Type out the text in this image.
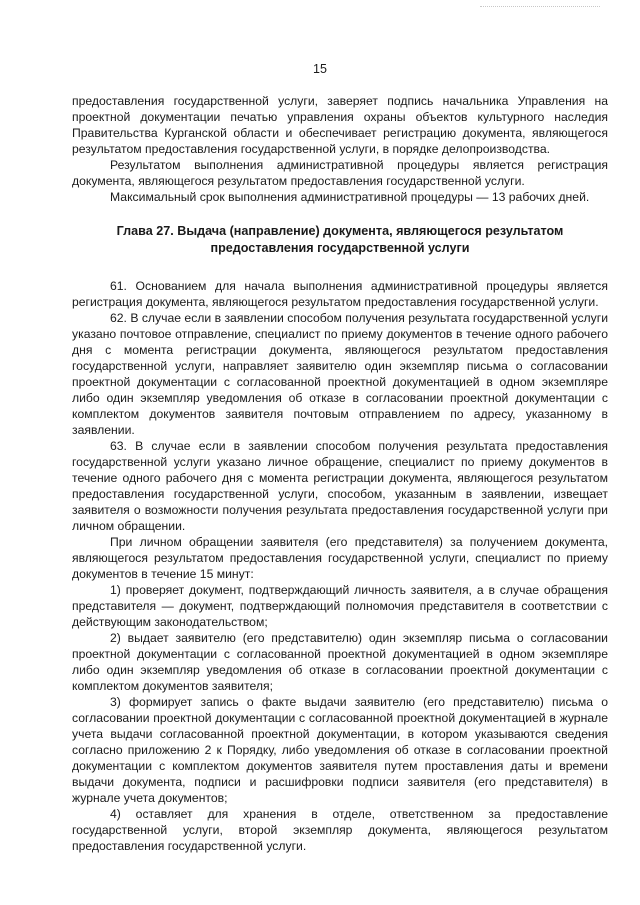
15

предоставления государственной услуги, заверяет подпись начальника Управления на проектной документации печатью управления охраны объектов культурного наследия Правительства Курганской области и обеспечивает регистрацию документа, являющегося результатом предоставления государственной услуги, в порядке делопроизводства.

Результатом выполнения административной процедуры является регистрация документа, являющегося результатом предоставления государственной услуги.

Максимальный срок выполнения административной процедуры — 13 рабочих дней.

Глава 27. Выдача (направление) документа, являющегося результатом предоставления государственной услуги

61. Основанием для начала выполнения административной процедуры является регистрация документа, являющегося результатом предоставления государственной услуги.

62. В случае если в заявлении способом получения результата государственной услуги указано почтовое отправление, специалист по приему документов в течение одного рабочего дня с момента регистрации документа, являющегося результатом предоставления государственной услуги, направляет заявителю один экземпляр письма о согласовании проектной документации с согласованной проектной документацией в одном экземпляре либо один экземпляр уведомления об отказе в согласовании проектной документации с комплектом документов заявителя почтовым отправлением по адресу, указанному в заявлении.

63. В случае если в заявлении способом получения результата предоставления государственной услуги указано личное обращение, специалист по приему документов в течение одного рабочего дня с момента регистрации документа, являющегося результатом предоставления государственной услуги, способом, указанным в заявлении, извещает заявителя о возможности получения результата предоставления государственной услуги при личном обращении.

При личном обращении заявителя (его представителя) за получением документа, являющегося результатом предоставления государственной услуги, специалист по приему документов в течение 15 минут:

1) проверяет документ, подтверждающий личность заявителя, а в случае обращения представителя — документ, подтверждающий полномочия представителя в соответствии с действующим законодательством;

2) выдает заявителю (его представителю) один экземпляр письма о согласовании проектной документации с согласованной проектной документацией в одном экземпляре либо один экземпляр уведомления об отказе в согласовании проектной документации с комплектом документов заявителя;

3) формирует запись о факте выдачи заявителю (его представителю) письма о согласовании проектной документации с согласованной проектной документацией в журнале учета выдачи согласованной проектной документации, в котором указываются сведения согласно приложению 2 к Порядку, либо уведомления об отказе в согласовании проектной документации с комплектом документов заявителя путем проставления даты и времени выдачи документа, подписи и расшифровки подписи заявителя (его представителя) в журнале учета документов;

4) оставляет для хранения в отделе, ответственном за предоставление государственной услуги, второй экземпляр документа, являющегося результатом предоставления государственной услуги.
